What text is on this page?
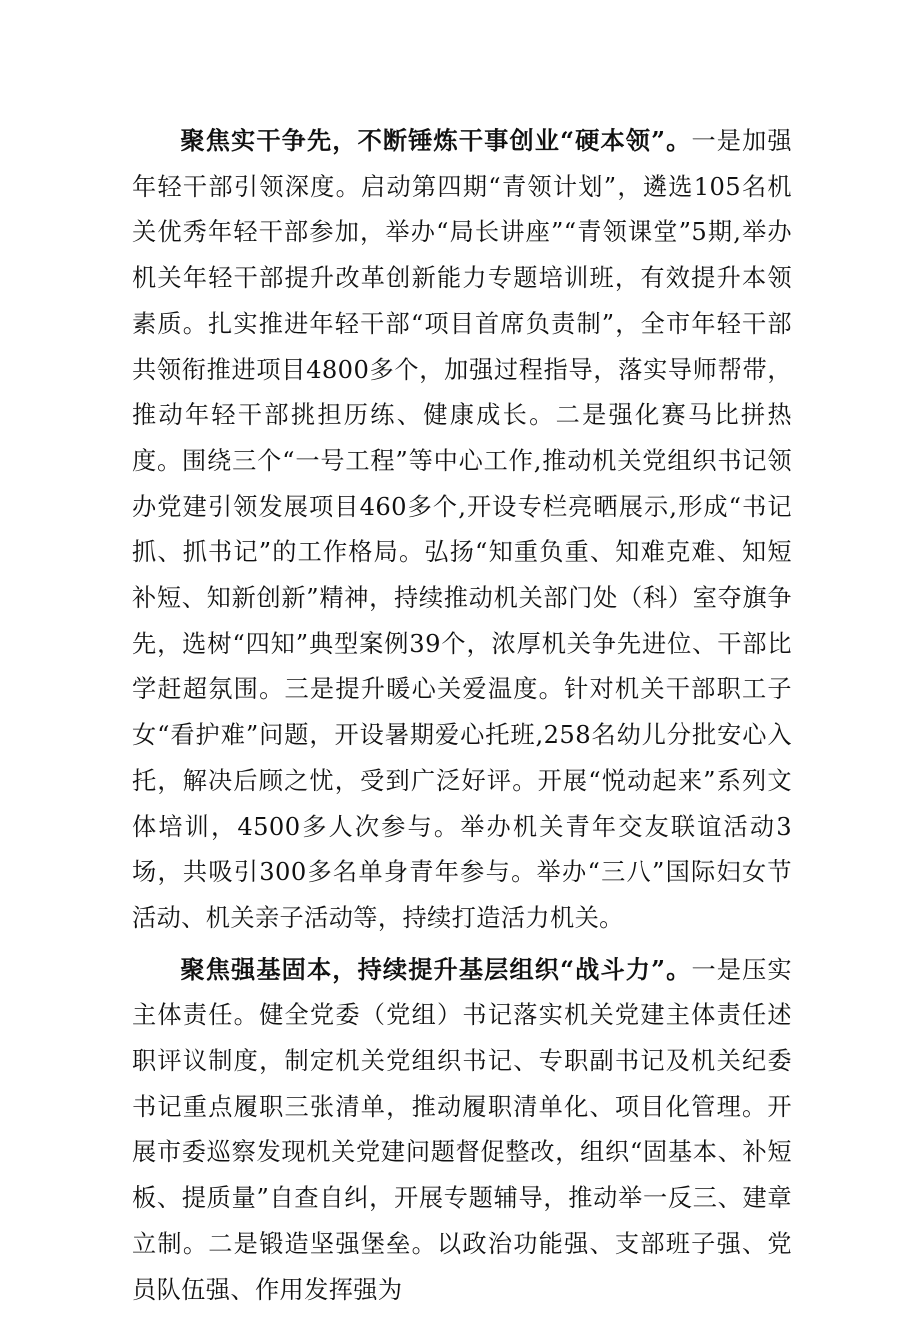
聚焦实干争先，不断锤炼干事创业“硬本领”。一是加强年轻干部引领深度。启动第四期“青领计划”，遴选105名机关优秀年轻干部参加，举办“局长讲座”“青领课堂”5期,举办机关年轻干部提升改革创新能力专题培训班，有效提升本领素质。扎实推进年轻干部“项目首席负责制”，全市年轻干部共领衔推进项目4800多个，加强过程指导，落实导师帮带，推动年轻干部挑担历练、健康成长。二是强化赛马比拼热度。围绕三个“一号工程”等中心工作,推动机关党组织书记领办党建引领发展项目460多个,开设专栏亮晒展示,形成“书记抓、抓书记”的工作格局。弘扬“知重负重、知难克难、知短补短、知新创新”精神，持续推动机关部门处（科）室夺旗争先，选树“四知”典型案例39个，浓厚机关争先进位、干部比学赶超氛围。三是提升暖心关爱温度。针对机关干部职工子女“看护难”问题，开设暑期爱心托班,258名幼儿分批安心入托，解决后顾之忧，受到广泛好评。开展“悦动起来”系列文体培训，4500多人次参与。举办机关青年交友联谊活动3场，共吸引300多名单身青年参与。举办“三八”国际妇女节活动、机关亲子活动等，持续打造活力机关。

聚焦强基固本，持续提升基层组织“战斗力”。一是压实主体责任。健全党委（党组）书记落实机关党建主体责任述职评议制度，制定机关党组织书记、专职副书记及机关纪委书记重点履职三张清单，推动履职清单化、项目化管理。开展市委巡察发现机关党建问题督促整改，组织“固基本、补短板、提质量”自查自纠，开展专题辅导，推动举一反三、建章立制。二是锻造坚强堡垒。以政治功能强、支部班子强、党员队伍强、作用发挥强为
